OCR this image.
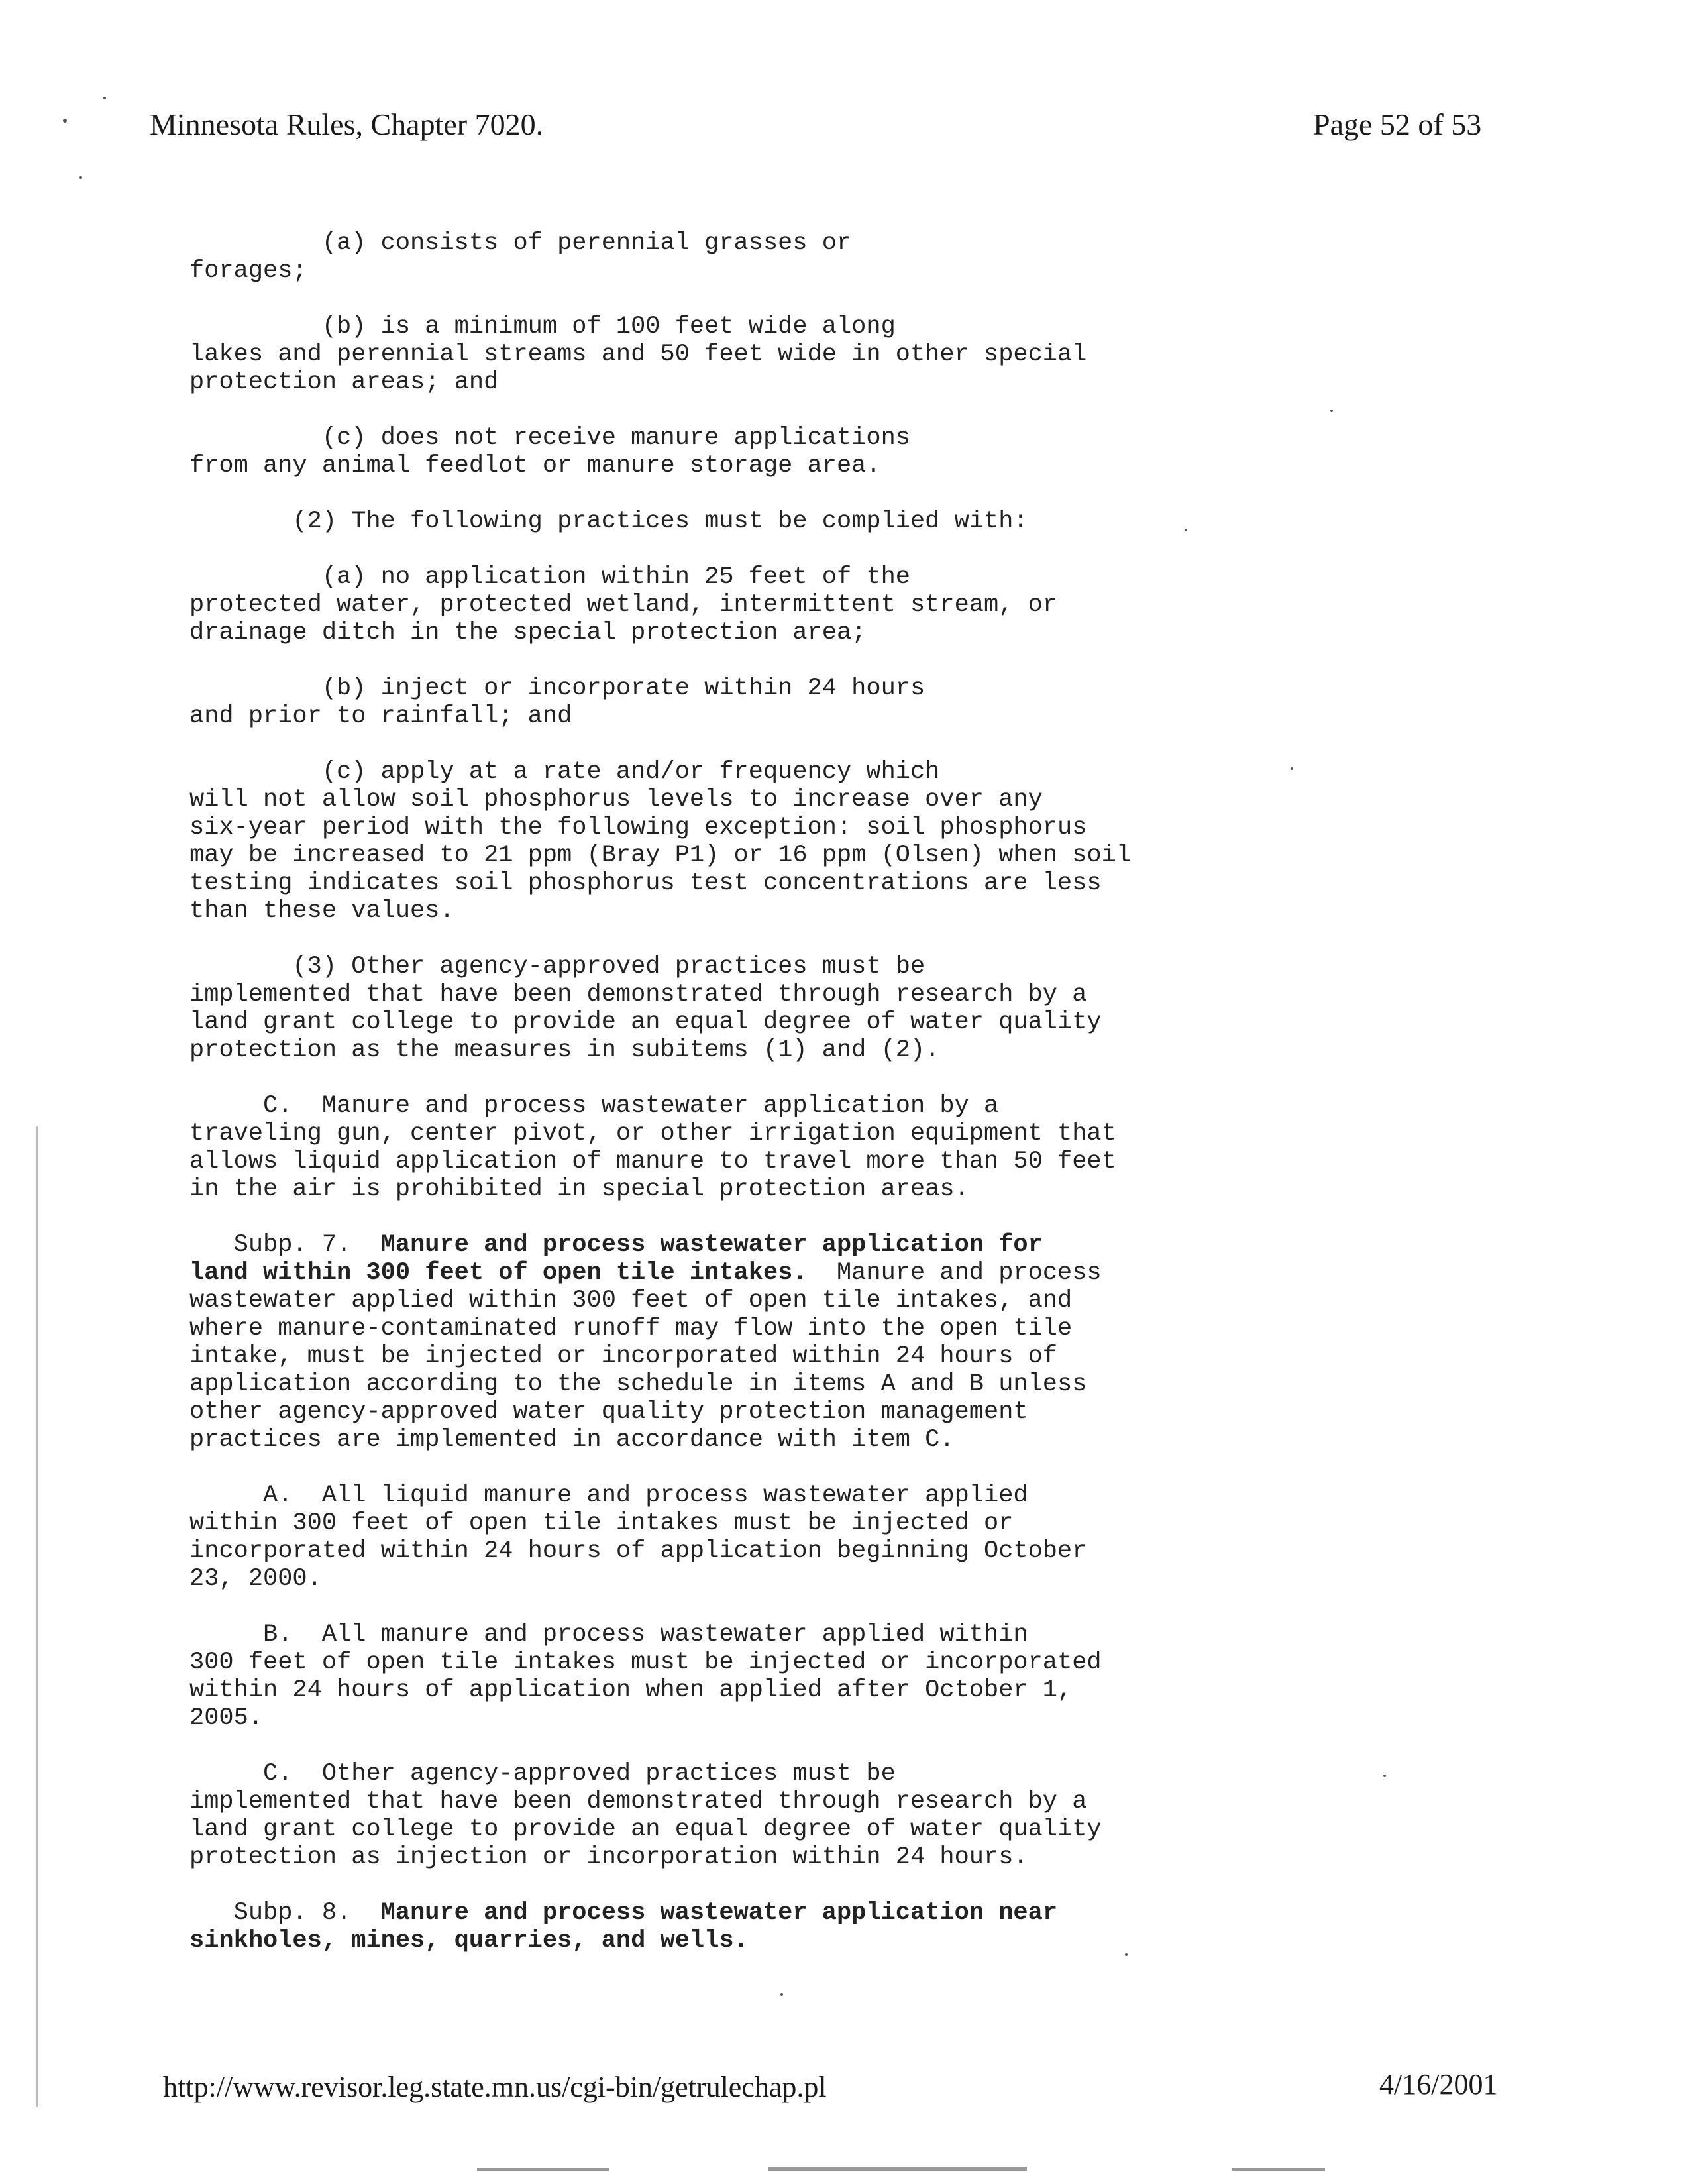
Minnesota Rules, Chapter 7020.	Page 52 of 53
(a) consists of perennial grasses or
forages;
(b) is a minimum of 100 feet wide along
lakes and perennial streams and 50 feet wide in other special
protection areas; and
(c) does not receive manure applications
from any animal feedlot or manure storage area.
(2) The following practices must be complied with:
(a) no application within 25 feet of the
protected water, protected wetland, intermittent stream, or
drainage ditch in the special protection area;
(b) inject or incorporate within 24 hours
and prior to rainfall; and
(c) apply at a rate and/or frequency which
will not allow soil phosphorus levels to increase over any
six-year period with the following exception: soil phosphorus
may be increased to 21 ppm (Bray P1) or 16 ppm (Olsen) when soil
testing indicates soil phosphorus test concentrations are less
than these values.
(3) Other agency-approved practices must be
implemented that have been demonstrated through research by a
land grant college to provide an equal degree of water quality
protection as the measures in subitems (1) and (2).
C.  Manure and process wastewater application by a
traveling gun, center pivot, or other irrigation equipment that
allows liquid application of manure to travel more than 50 feet
in the air is prohibited in special protection areas.
Subp. 7.  Manure and process wastewater application for
land within 300 feet of open tile intakes.  Manure and process
wastewater applied within 300 feet of open tile intakes, and
where manure-contaminated runoff may flow into the open tile
intake, must be injected or incorporated within 24 hours of
application according to the schedule in items A and B unless
other agency-approved water quality protection management
practices are implemented in accordance with item C.
A.  All liquid manure and process wastewater applied
within 300 feet of open tile intakes must be injected or
incorporated within 24 hours of application beginning October
23, 2000.
B.  All manure and process wastewater applied within
300 feet of open tile intakes must be injected or incorporated
within 24 hours of application when applied after October 1,
2005.
C.  Other agency-approved practices must be
implemented that have been demonstrated through research by a
land grant college to provide an equal degree of water quality
protection as injection or incorporation within 24 hours.
Subp. 8.  Manure and process wastewater application near
sinkholes, mines, quarries, and wells.
http://www.revisor.leg.state.mn.us/cgi-bin/getrulechap.pl	4/16/2001
